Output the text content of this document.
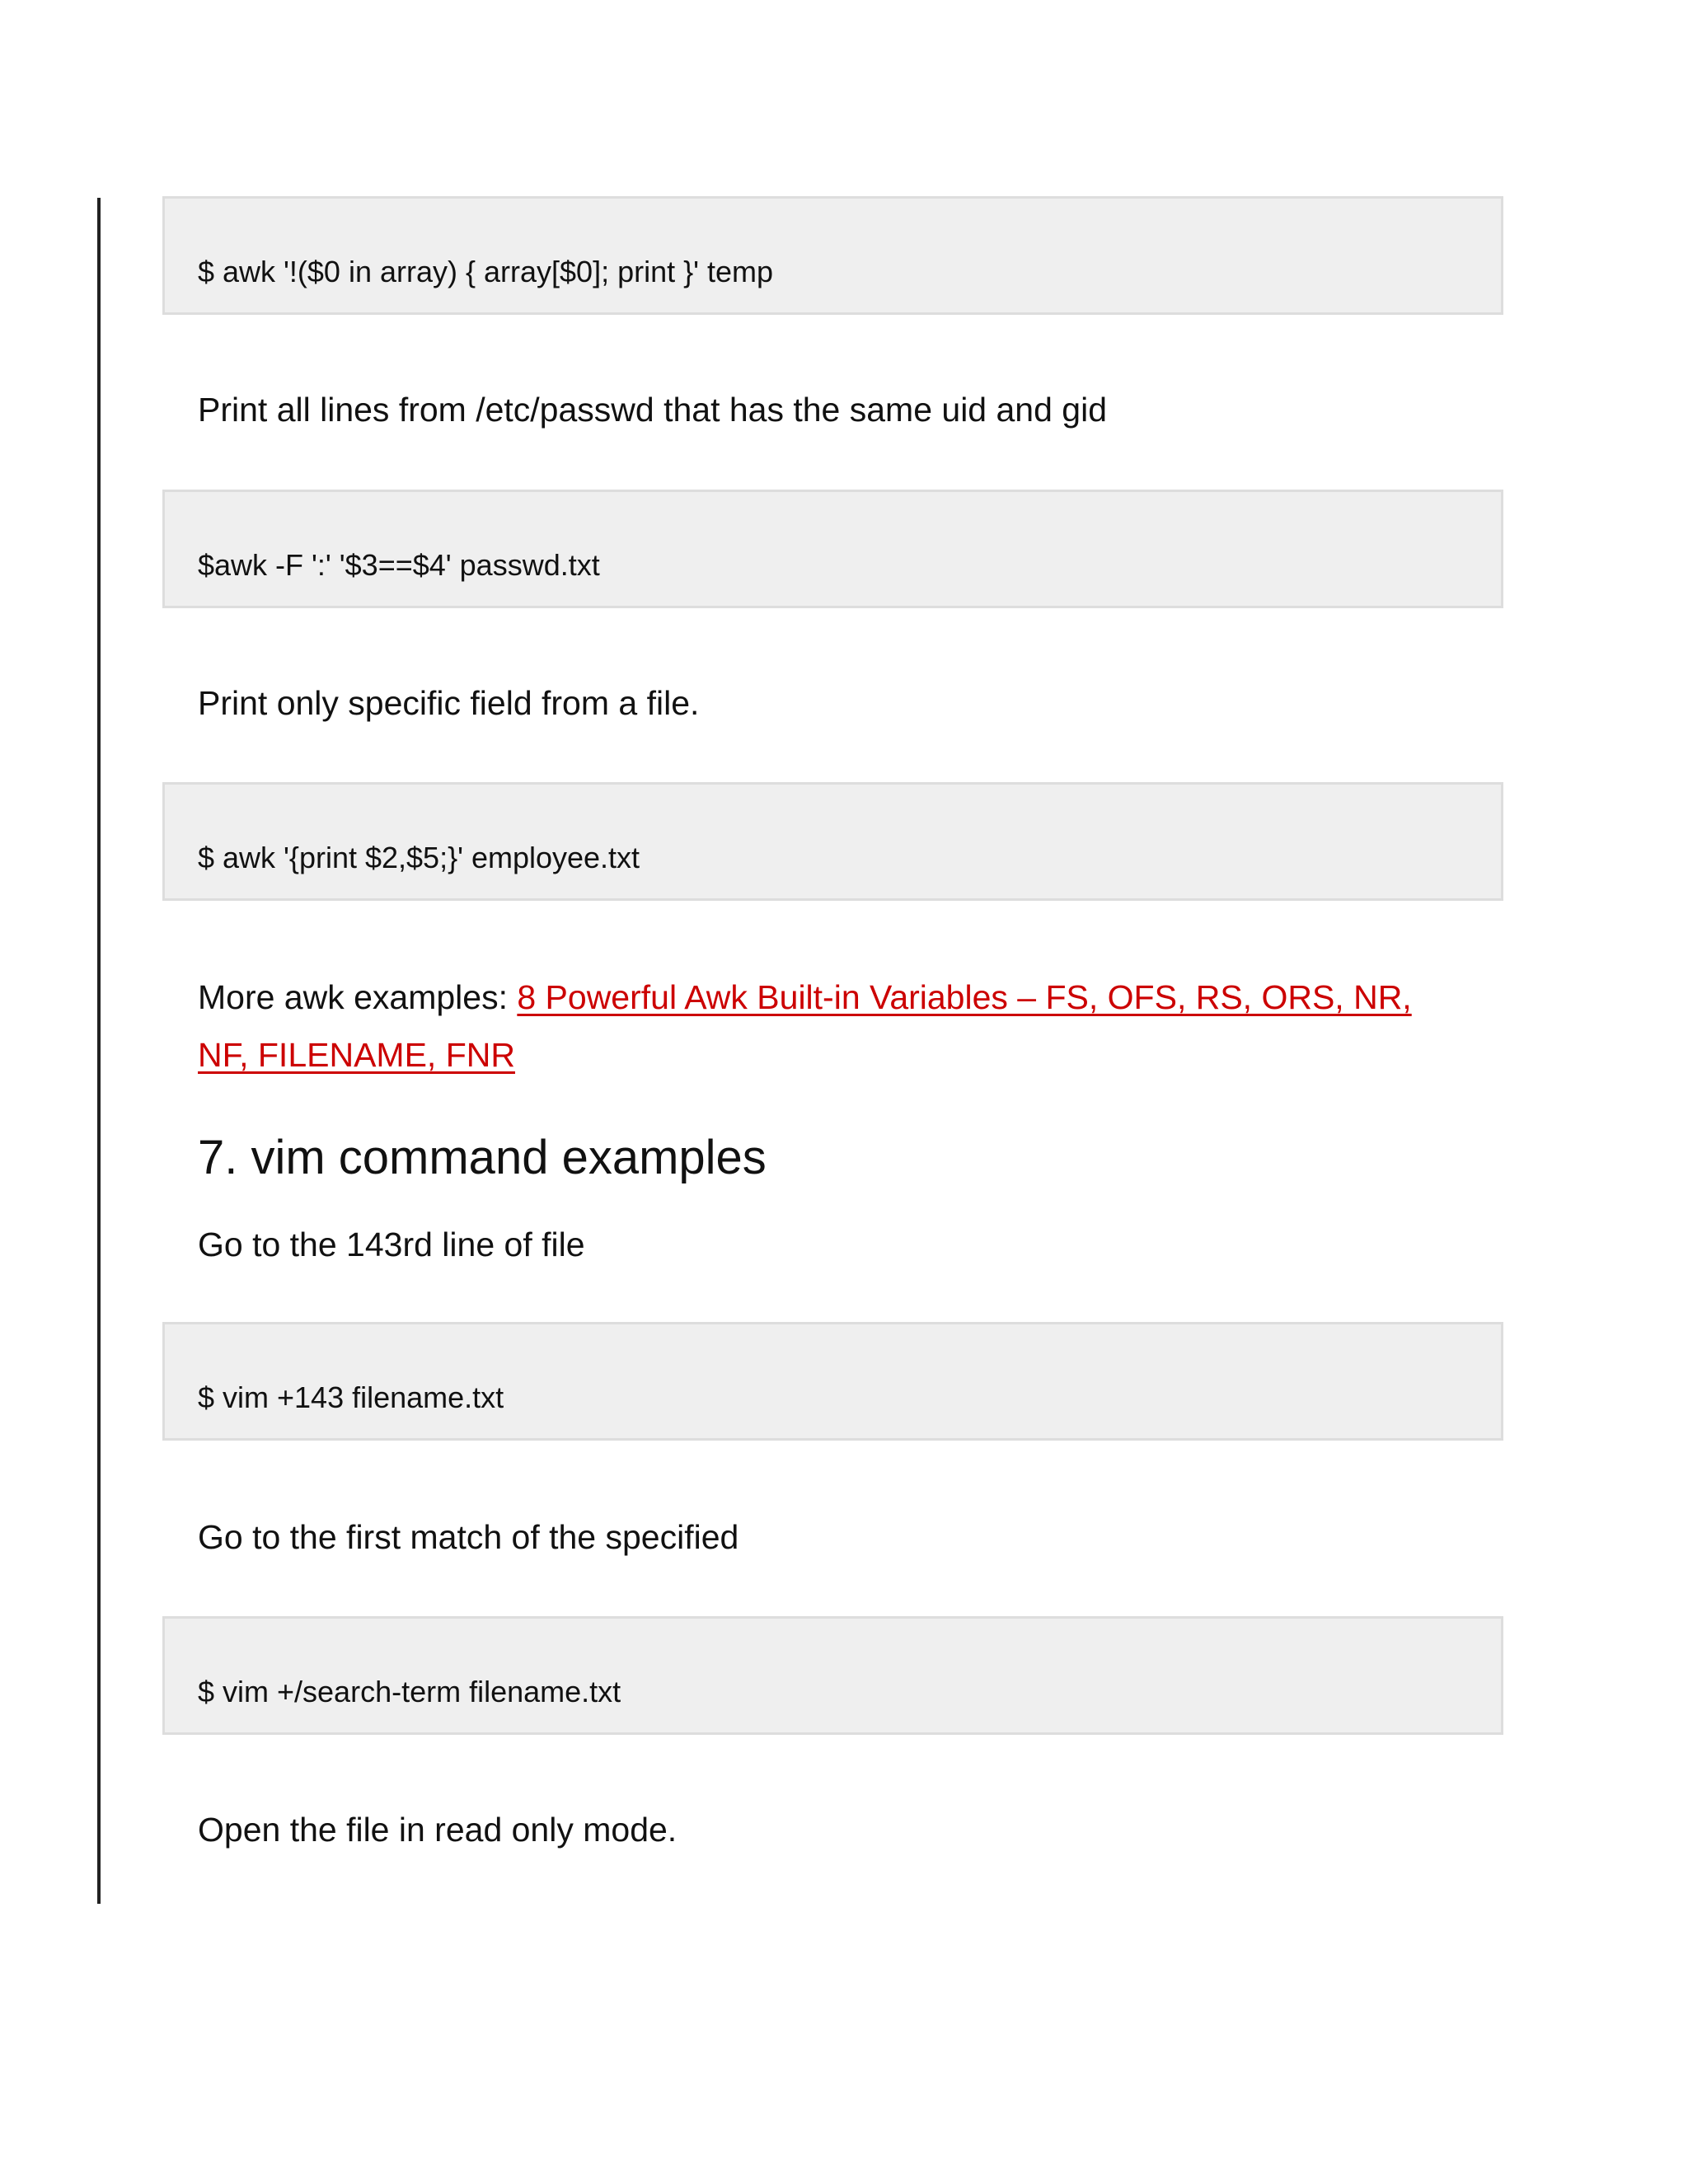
$ awk '!($0 in array) { array[$0]; print }' temp

Print all lines from /etc/passwd that has the same uid and gid

$awk -F ':' '$3==$4' passwd.txt

Print only specific field from a file.

$ awk '{print $2,$5;}' employee.txt

More awk examples: 8 Powerful Awk Built-in Variables – FS, OFS, RS, ORS, NR, NF, FILENAME, FNR

7. vim command examples

Go to the 143rd line of file

$ vim +143 filename.txt

Go to the first match of the specified

$ vim +/search-term filename.txt

Open the file in read only mode.
